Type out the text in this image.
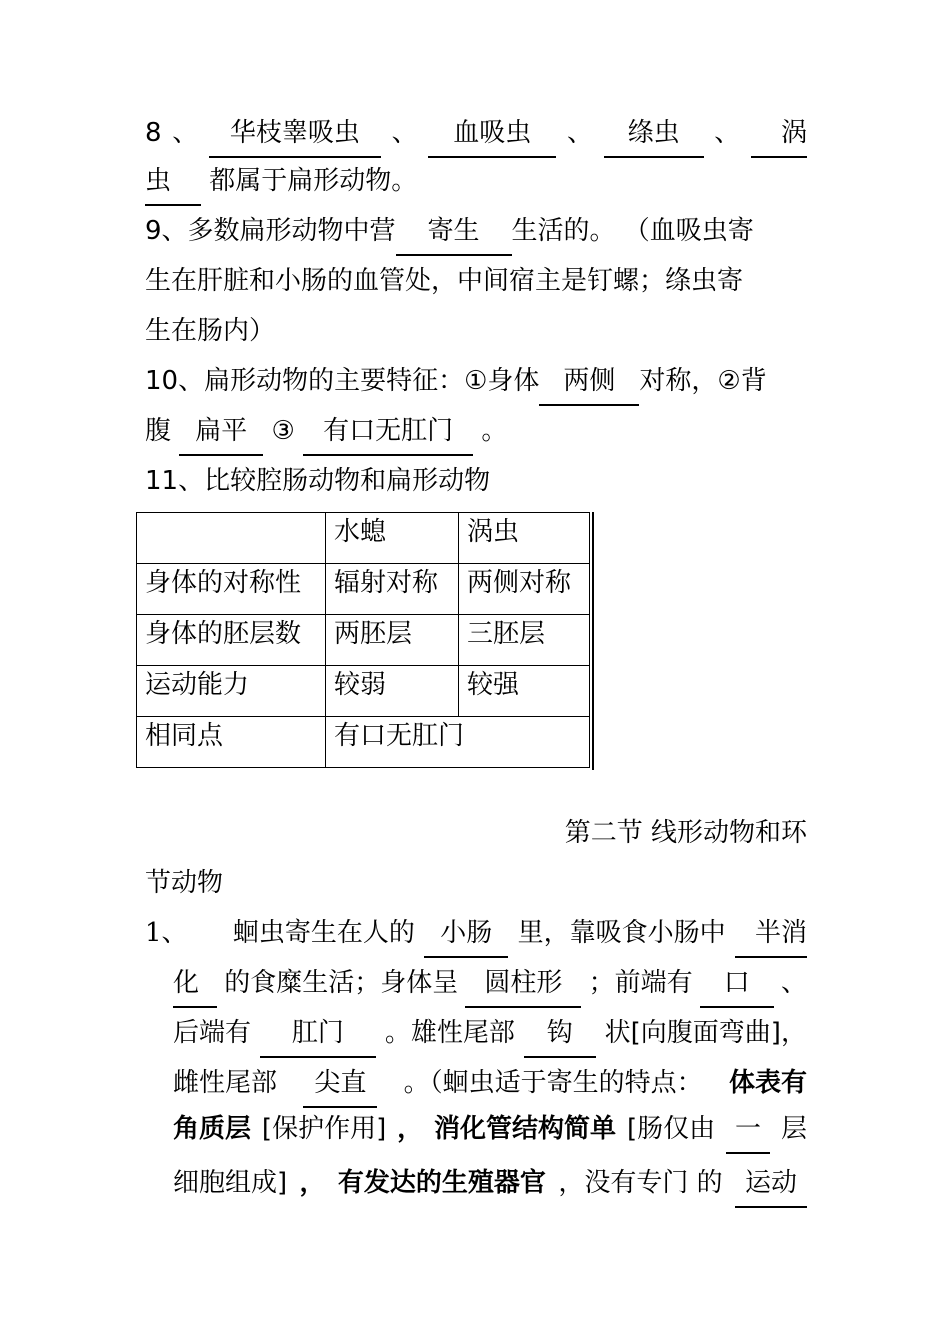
8 、	华枝睾吸虫	、	血吸虫	、	绦虫	、	涡
虫 都属于扁形动物。
9、多数扁形动物中营 寄生 生活的。 （血吸虫寄
生在肝脏和小肠的血管处，中间宿主是钉螺；绦虫寄
生在肠内）
10、扁形动物的主要特征：①身体 两侧 对称，②背
腹 扁平 ③ 有口无肛门 。
11、比较腔肠动物和扁形动物
	水螅	涡虫
身体的对称性	辐射对称	两侧对称
身体的胚层数	两胚层	三胚层
运动能力	较弱	较强
相同点	有口无肛门	
第二节 线形动物和环
节动物
1、 蛔虫寄生在人的 小肠 里，靠吸食小肠中	半消
化 的食糜生活；身体呈	圆柱形	；前端有	口	、
后端有	肛门	。雄性尾部	钩	状[向腹面弯曲]，
雌性尾部	尖直	。（蛔虫适于寄生的特点： 体表有
角质层 [保护作用] ， 消化管结构简单 [肠仅由 一 层
细胞组成] ， 有发达的生殖器官 ，没有专门 的 运动
